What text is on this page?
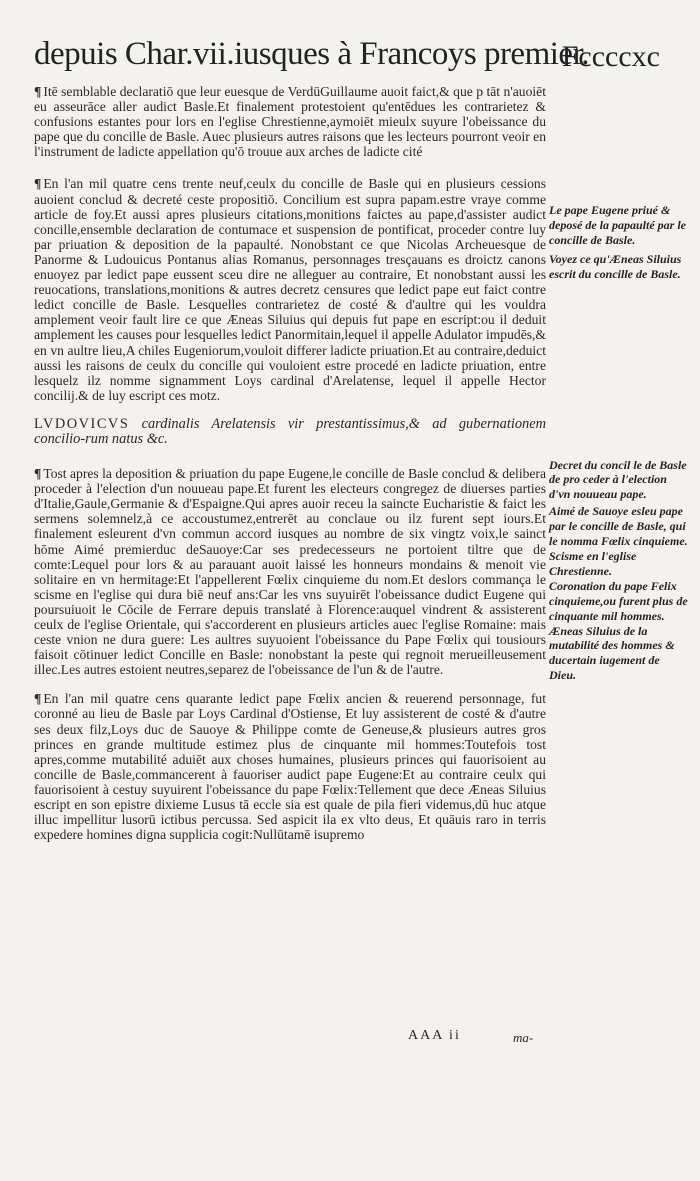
depuis Char.vii.iusques à Francoys premier.
Fccccxc

¶ Itē semblable declaratiō que leur euesque de VerdūGuillaume auoit faict,& que p tāt n'auoiēt eu asseurāce aller audict Basle.Et finalement protestoient qu'entēdues les contrarietez & confusions estantes pour lors en l'eglise Chrestienne,aymoiēt mieulx suyure l'obeissance du pape que du concille de Basle. Auec plusieurs autres raisons que les lecteurs pourront veoir en l'instrument de ladicte appellation qu'ō trouue aux arches de ladicte cité

¶ En l'an mil quatre cens trente neuf,ceulx du concille de Basle qui en plusieurs cessions auoient conclud & decreté ceste propositiō. Concilium est supra papam.estre vraye comme article de foy.Et aussi apres plusieurs citations,monitions faictes au pape,d'assister audict concille,ensemble declaration de contumace et suspension de pontificat, proceder contre luy par priuation & deposition de la papaulté. Nonobstant ce que Nicolas Archeuesque de Panorme & Ludouicus Pontanus alias Romanus, personnages tresçauans es droictz canons enuoyez par ledict pape eussent sceu dire ne alleguer au contraire, Et nonobstant aussi les reuocations, translations,monitions & autres decretz censures que ledict pape eut faict contre ledict concille de Basle. Lesquelles contrarietez de costé & d'aultre qui les vouldra amplement veoir fault lire ce que Æneas Siluius qui depuis fut pape en escript:ou il deduit amplement les causes pour lesquelles ledict Panormitain,lequel il appelle Adulator impudēs,& en vn aultre lieu,A chiles Eugeniorum,vouloit differer ladicte priuation.Et au contraire,deduict aussi les raisons de ceulx du concille qui vouloient estre procedé en ladicte priuation, entre lesquelz ilz nomme signamment Loys cardinal d'Arelatense, lequel il appelle Hector concilij.& de luy escript ces motz.

LVDOVICVS cardinalis Arelatensis vir prestantissimus,& ad gubernationem concilio-rum natus &c.

¶ Tost apres la deposition & priuation du pape Eugene,le concille de Basle conclud & delibera proceder à l'election d'un nouueau pape.Et furent les electeurs congregez de diuerses parties d'Italie,Gaule,Germanie & d'Espaigne.Qui apres auoir receu la saincte Eucharistie & faict les sermens solemnelz,à ce accoustumez,entrerēt au conclaue ou ilz furent sept iours.Et finalement esleurent d'vn commun accord iusques au nombre de six vingtz voix,le sainct hōme Aimé premierduc deSauoye:Car ses predecesseurs ne portoient tiltre que de comte:Lequel pour lors & au parauant auoit laissé les honneurs mondains & menoit vie solitaire en vn hermitage:Et l'appellerent Fœlix cinquieme du nom.Et deslors commança le scisme en l'eglise qui dura biē neuf ans:Car les vns suyuirēt l'obeissance dudict Eugene qui poursuiuoit le Cōcile de Ferrare depuis translaté à Florence:auquel vindrent & assisterent ceulx de l'eglise Orientale, qui s'accorderent en plusieurs articles auec l'eglise Romaine: mais ceste vnion ne dura guere: Les aultres suyuoient l'obeissance du Pape Fœlix qui tousiours faisoit cōtinuer ledict Concille en Basle: nonobstant la peste qui regnoit merueilleusement illec.Les autres estoient neutres,separez de l'obeissance de l'un & de l'autre.

¶ En l'an mil quatre cens quarante ledict pape Fœlix ancien & reuerend personnage, fut coronné au lieu de Basle par Loys Cardinal d'Ostiense, Et luy assisterent de costé & d'autre ses deux filz,Loys duc de Sauoye & Philippe comte de Geneuse,& plusieurs autres gros princes en grande multitude estimez plus de cinquante mil hommes:Toutefois tost apres,comme mutabilité aduiēt aux choses humaines, plusieurs princes qui fauorisoient au concille de Basle,commancerent à fauoriser audict pape Eugene:Et au contraire ceulx qui fauorisoient à cestuy suyuirent l'obeissance du pape Fœlix:Tellement que dece Æneas Siluius escript en son epistre dixieme Lusus tā eccle sia est quale de pila fieri videmus,dū huc atque illuc impellitur lusorū ictibus percussa. Sed aspicit ila ex vlto deus, Et quāuis raro in terris expedere homines digna supplicia cogit:Nullūtamē isupremo

Le pape Eugene priué & deposé de la papaulté par le concille de Basle.

Voyez ce qu'Æneas Siluius escrit du concille de Basle.

Decret du concil le de Basle de pro ceder à l'election d'vn nouueau pape.

Aimé de Sauoye esleu pape par le concille de Basle, qui le nomma Fœlix cinquieme.

Scisme en l'eglise Chrestienne.

Coronation du pape Felix cinquieme,ou furent plus de cinquante mil hommes.

Æneas Siluius de la mutabilité des hommes & ducertain iugement de Dieu.

AAA ii	ma-
